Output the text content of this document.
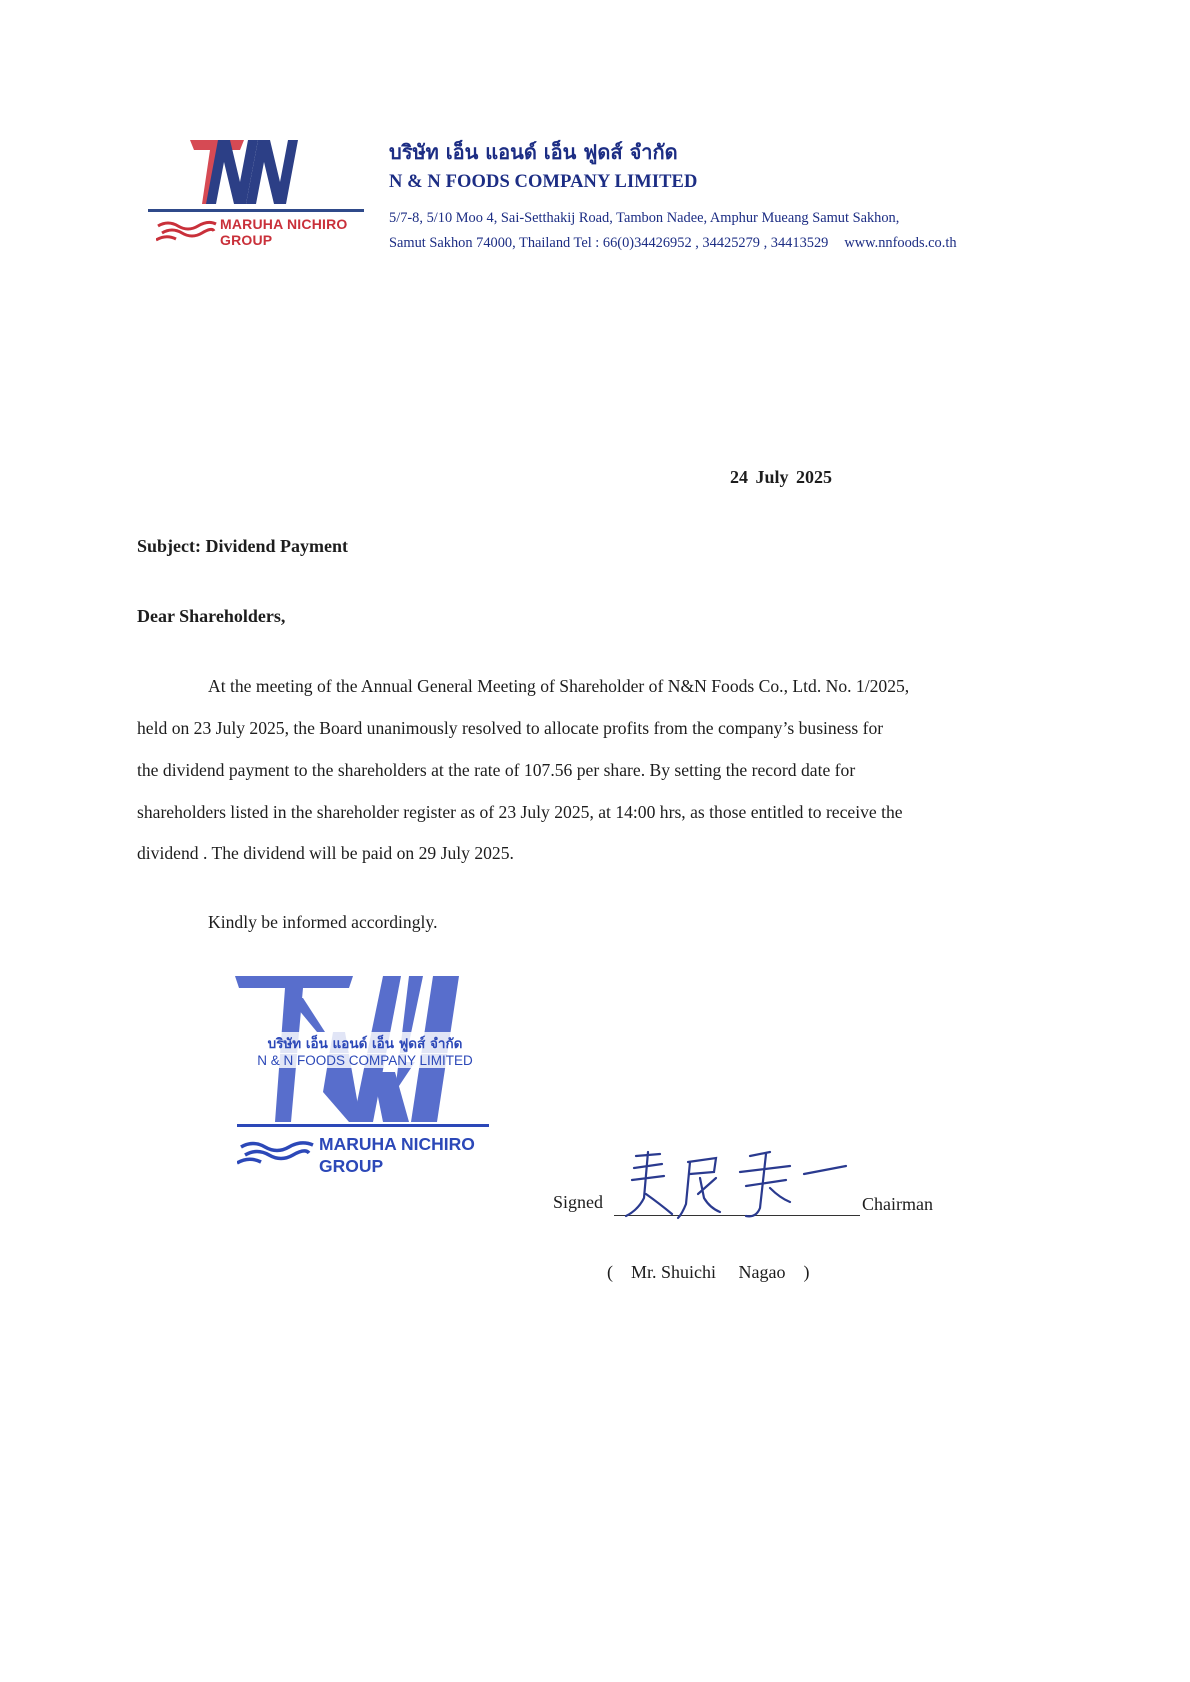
MARUHA NICHIRO
GROUP
บริษัท เอ็น แอนด์ เอ็น ฟูดส์ จำกัด
N & N FOODS COMPANY LIMITED
5/7-8, 5/10 Moo 4, Sai-Setthakij Road, Tambon Nadee, Amphur Mueang Samut Sakhon,
Samut Sakhon 74000, Thailand Tel : 66(0)34426952 , 34425279 , 34413529 www.nnfoods.co.th
24 July 2025
Subject: Dividend Payment
Dear Shareholders,
At the meeting of the Annual General Meeting of Shareholder of N&N Foods Co., Ltd. No. 1/2025,
held on 23 July 2025, the Board unanimously resolved to allocate profits from the company’s business for
the dividend payment to the shareholders at the rate of 107.56 per share. By setting the record date for
shareholders listed in the shareholder register as of 23 July 2025, at 14:00 hrs, as those entitled to receive the
dividend . The dividend will be paid on 29 July 2025.
Kindly be informed accordingly.
บริษัท เอ็น แอนด์ เอ็น ฟูดส์ จำกัด
N & N FOODS COMPANY LIMITED
MARUHA NICHIRO
GROUP
Signed	Chairman
(    Mr. Shuichi     Nagao    )
